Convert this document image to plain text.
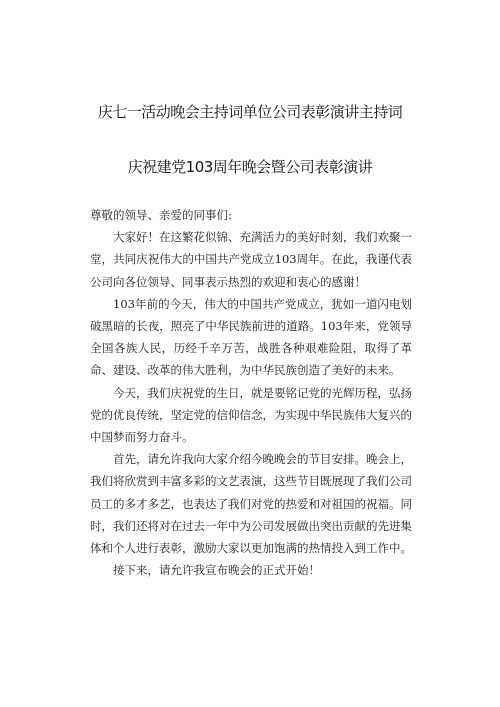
庆七一活动晚会主持词单位公司表彰演讲主持词
庆祝建党103周年晚会暨公司表彰演讲

尊敬的领导、亲爱的同事们:

大家好！在这繁花似锦、充满活力的美好时刻，我们欢聚一堂，共同庆祝伟大的中国共产党成立103周年。在此，我谨代表公司向各位领导、同事表示热烈的欢迎和衷心的感谢！

103年前的今天，伟大的中国共产党成立，犹如一道闪电划破黑暗的长夜，照亮了中华民族前进的道路。103年来，党领导全国各族人民，历经千辛万苦，战胜各种艰难险阻，取得了革命、建设、改革的伟大胜利，为中华民族创造了美好的未来。

今天，我们庆祝党的生日，就是要铭记党的光辉历程，弘扬党的优良传统，坚定党的信仰信念，为实现中华民族伟大复兴的中国梦而努力奋斗。

首先，请允许我向大家介绍今晚晚会的节目安排。晚会上，我们将欣赏到丰富多彩的文艺表演，这些节目既展现了我们公司员工的多才多艺，也表达了我们对党的热爱和对祖国的祝福。同时，我们还将对在过去一年中为公司发展做出突出贡献的先进集体和个人进行表彰，激励大家以更加饱满的热情投入到工作中。

接下来，请允许我宣布晚会的正式开始！
